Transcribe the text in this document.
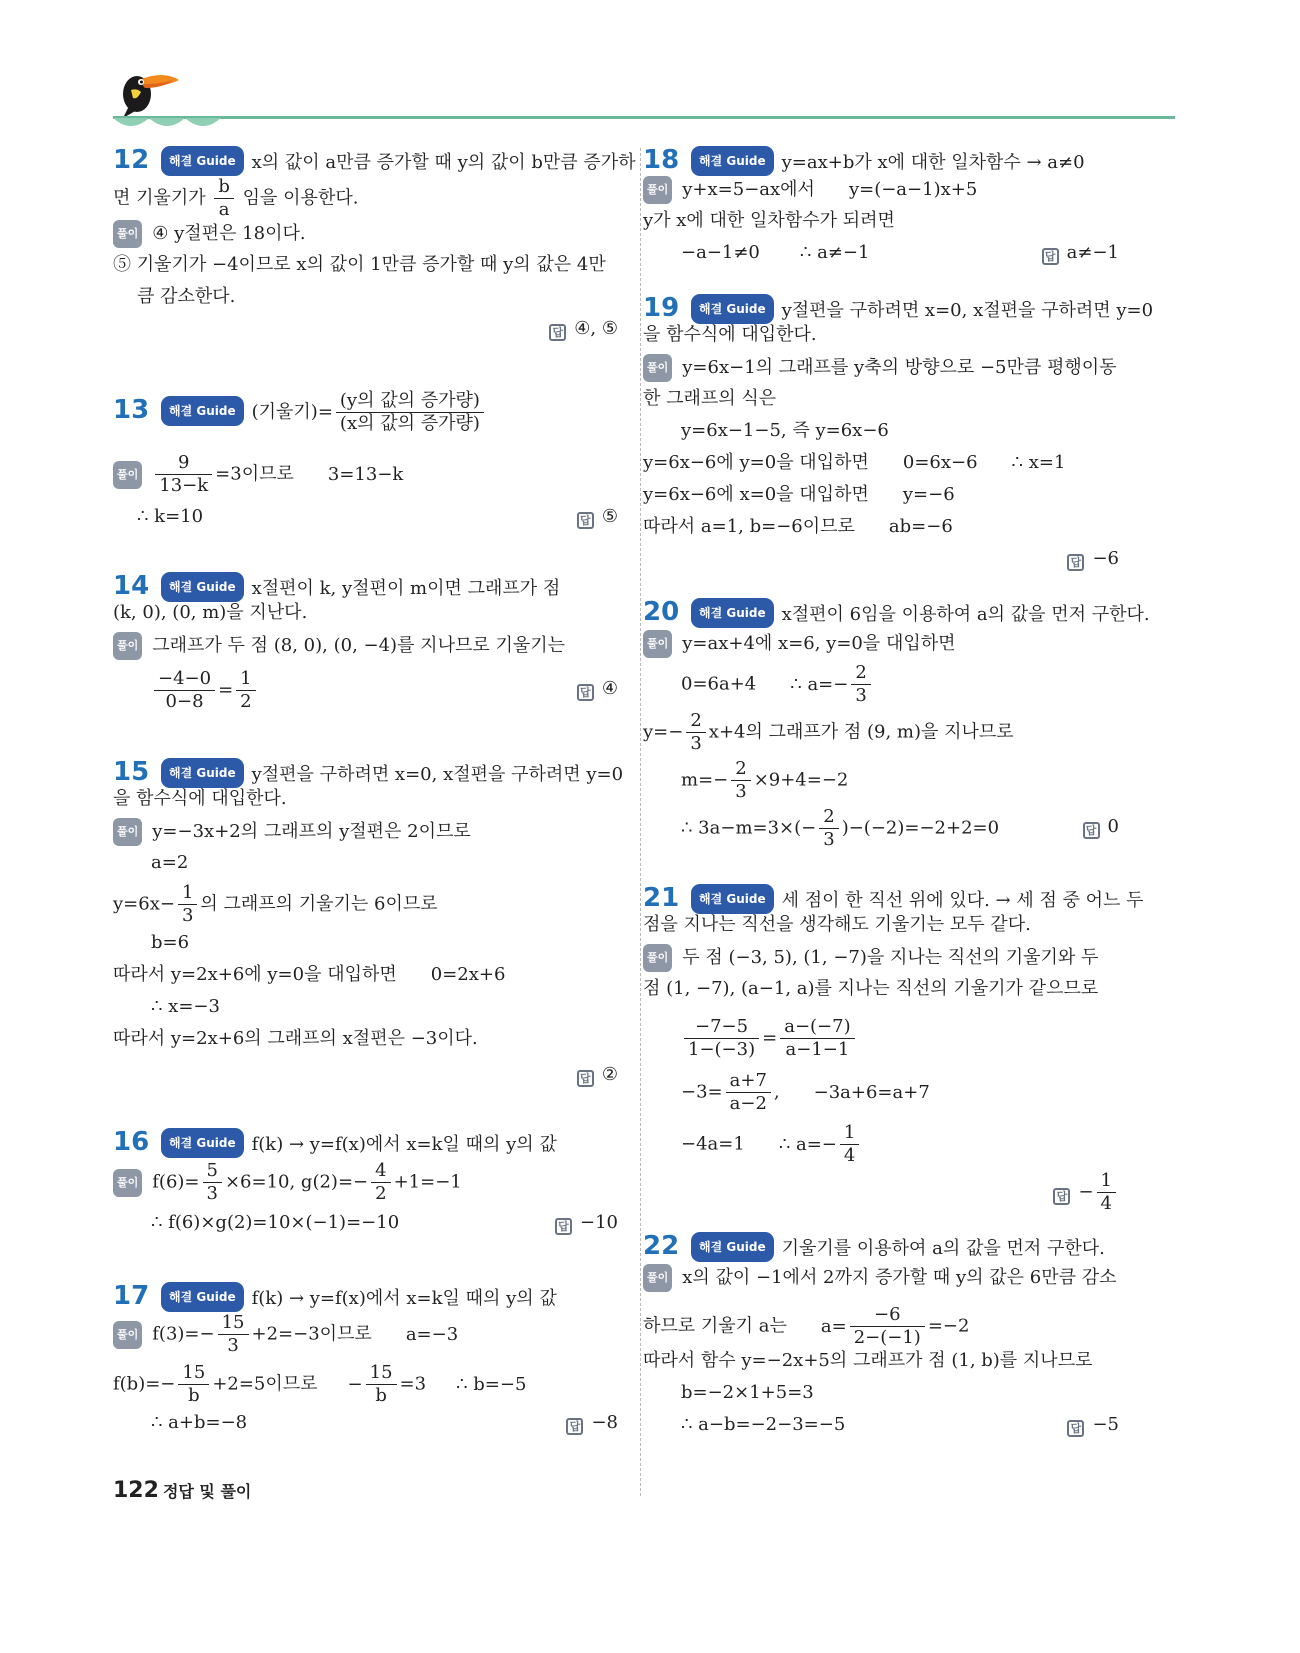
12 해결 Guide x의 값이 a만큼 증가할 때 y의 값이 b만큼 증가하
면 기울기가 $\frac{b}{a}$ 임을 이용한다.
풀이 ④ y절편은 18이다.
⑤ 기울기가 −4이므로 x의 값이 1만큼 증가할 때 y의 값은 4만
큼 감소한다.
답 ④, ⑤
13 해결 Guide (기울기)= $\frac{\text{(y의 값의 증가량)}}{\text{(x의 값의 증가량)}}$
풀이 $\frac{9}{13-k} =3$이므로 3=13−k
∴ k=10	답 ⑤
14 해결 Guide x절편이 k, y절편이 m이면 그래프가 점
(k, 0), (0, m)을 지난다.
풀이 그래프가 두 점 (8, 0), (0, −4)를 지나므로 기울기는
$\frac{-4-0}{0-8} = \frac{1}{2}$	답 ④
15 해결 Guide y절편을 구하려면 x=0, x절편을 구하려면 y=0
을 함수식에 대입한다.
풀이 y=−3x+2의 그래프의 y절편은 2이므로
a=2
$y=6x- \frac{1}{3}$ 의 그래프의 기울기는 6이므로
b=6
따라서 y=2x+6에 y=0을 대입하면 0=2x+6
∴ x=−3
따라서 y=2x+6의 그래프의 x절편은 −3이다.
답 ②
16 해결 Guide f(k) → y=f(x)에서 x=k일 때의 y의 값
풀이 $f(6)= \frac{5}{3} \times 6=10$, $g(2)=- \frac{4}{2} +1=-1$
∴ f(6)×g(2)=10×(−1)=−10	답 −10
17 해결 Guide f(k) → y=f(x)에서 x=k일 때의 y의 값
풀이 $f(3)=- \frac{15}{3} +2=-3$이므로 a=−3
$f(b)=- \frac{15}{b} +2=5$이므로 − $\frac{15}{b} =3$ ∴ b=−5
∴ a+b=−8	답 −8
18 해결 Guide y=ax+b가 x에 대한 일차함수 → a≠0
풀이 y+x=5−ax에서 y=(−a−1)x+5
y가 x에 대한 일차함수가 되려면
−a−1≠0 ∴ a≠−1	답 a≠−1
19 해결 Guide y절편을 구하려면 x=0, x절편을 구하려면 y=0
을 함수식에 대입한다.
풀이 y=6x−1의 그래프를 y축의 방향으로 −5만큼 평행이동
한 그래프의 식은
y=6x−1−5, 즉 y=6x−6
y=6x−6에 y=0을 대입하면 0=6x−6 ∴ x=1
y=6x−6에 x=0을 대입하면 y=−6
따라서 a=1, b=−6이므로 ab=−6
답 −6
20 해결 Guide x절편이 6임을 이용하여 a의 값을 먼저 구한다.
풀이 y=ax+4에 x=6, y=0을 대입하면
0=6a+4 ∴ $a=- \frac{2}{3}$
$y=- \frac{2}{3} x+4$의 그래프가 점 (9, m)을 지나므로
$m=- \frac{2}{3} \times 9+4=-2$
∴ $3a-m=3\times(- \frac{2}{3} )-(-2)=-2+2=0$	답 0
21 해결 Guide 세 점이 한 직선 위에 있다. → 세 점 중 어느 두
점을 지나는 직선을 생각해도 기울기는 모두 같다.
풀이 두 점 (−3, 5), (1, −7)을 지나는 직선의 기울기와 두
점 (1, −7), (a−1, a)를 지나는 직선의 기울기가 같으므로
$\frac{-7-5}{1-(-3)} = \frac{a-(-7)}{a-1-1}$
$-3= \frac{a+7}{a-2}$ , −3a+6=a+7
−4a=1 ∴ $a=- \frac{1}{4}$
답 − $\frac{1}{4}$
22 해결 Guide 기울기를 이용하여 a의 값을 먼저 구한다.
풀이 x의 값이 −1에서 2까지 증가할 때 y의 값은 6만큼 감소
하므로 기울기 a는 $a= \frac{-6}{2-(-1)} =-2$
따라서 함수 y=−2x+5의 그래프가 점 (1, b)를 지나므로
b=−2×1+5=3
∴ a−b=−2−3=−5	답 −5
122 정답 및 풀이
